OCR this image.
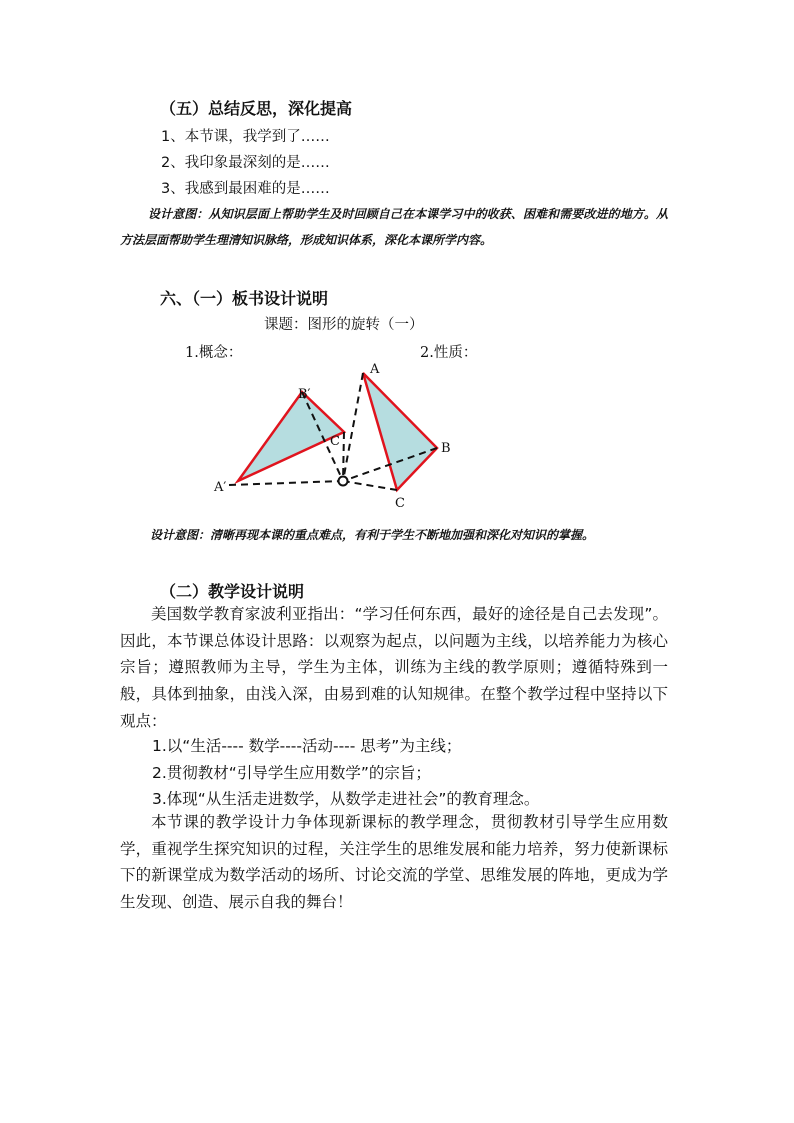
（五）总结反思，深化提高
1、本节课，我学到了……
2、我印象最深刻的是……
3、我感到最困难的是……
设计意图：从知识层面上帮助学生及时回顾自己在本课学习中的收获、困难和需要改进的地方。从方法层面帮助学生理清知识脉络，形成知识体系，深化本课所学内容。
六、（一）板书设计说明
课题：图形的旋转（一）
1.概念：	2.性质：
A
B
C
B′
C
A′
设计意图：清晰再现本课的重点难点，有利于学生不断地加强和深化对知识的掌握。
（二）教学设计说明
美国数学教育家波利亚指出：“学习任何东西，最好的途径是自己去发现”。因此，本节课总体设计思路：以观察为起点，以问题为主线，以培养能力为核心宗旨；遵照教师为主导，学生为主体，训练为主线的教学原则；遵循特殊到一般，具体到抽象，由浅入深，由易到难的认知规律。在整个教学过程中坚持以下观点：
1.以“生活---- 数学----活动---- 思考”为主线；
2.贯彻教材“引导学生应用数学”的宗旨；
3.体现“从生活走进数学，从数学走进社会”的教育理念。
本节课的教学设计力争体现新课标的教学理念，贯彻教材引导学生应用数学，重视学生探究知识的过程，关注学生的思维发展和能力培养，努力使新课标下的新课堂成为数学活动的场所、讨论交流的学堂、思维发展的阵地，更成为学生发现、创造、展示自我的舞台！
